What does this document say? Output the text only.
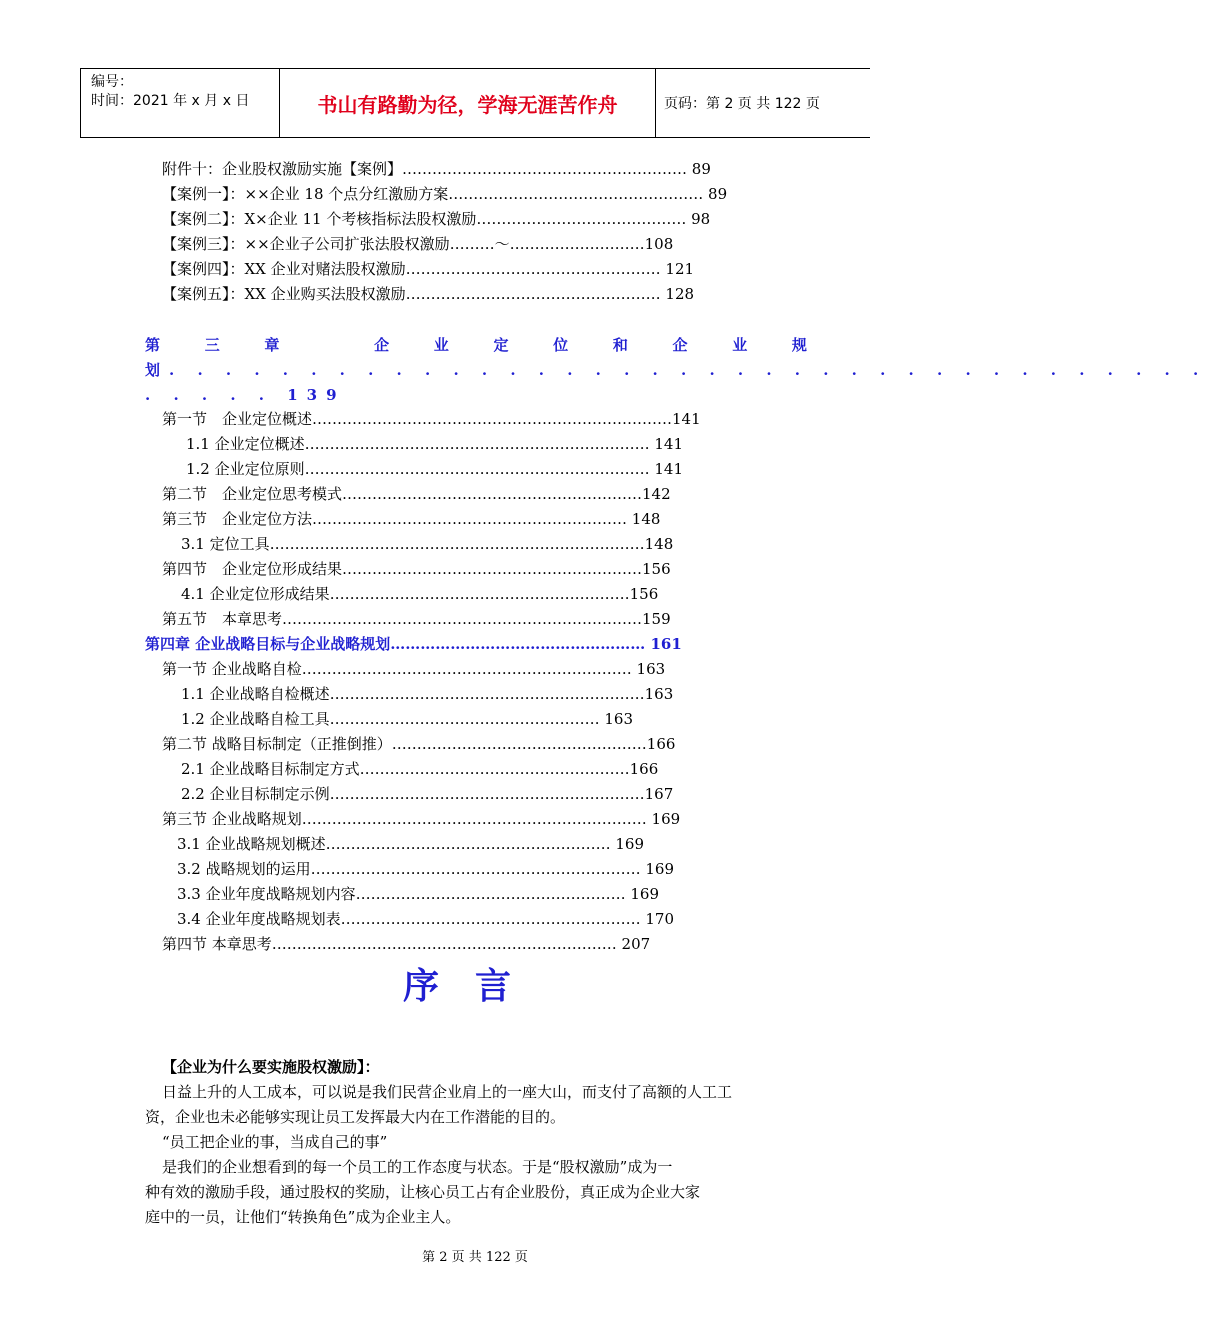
编号：
时间：2021 年 x 月 x 日	书山有路勤为径，学海无涯苦作舟	页码：第 2 页 共 122 页
附件十：企业股权激励实施【案例】………………………………………………… 89
【案例一】：××企业 18 个点分红激励方案…………………………………………… 89
【案例二】：X×企业 11 个考核指标法股权激励…………………………………… 98
【案例三】：××企业子公司扩张法股权激励………～………………………108
【案例四】：XX 企业对赌法股权激励…………………………………………… 121
【案例五】：XX 企业购买法股权激励…………………………………………… 128
第	三	章	企	业	定	位	和	企	业	规
划. . . . . . . . . . . . . . . . . . . . . . . . . . . . . . . . . . . . .
. . . . . 139
第一节　企业定位概述………………………………………………………………141
1.1 企业定位概述…………………………………………………………… 141
1.2 企业定位原则…………………………………………………………… 141
第二节　企业定位思考模式……………………………………………………142
第三节　企业定位方法……………………………………………………… 148
3.1 定位工具…………………………………………………………………148
第四节　企业定位形成结果……………………………………………………156
4.1 企业定位形成结果……………………………………………………156
第五节　本章思考………………………………………………………………159
第四章 企业战略目标与企业战略规划…………………………………………… 161
第一节 企业战略自检………………………………………………………… 163
1.1 企业战略自检概述………………………………………………………163
1.2 企业战略自检工具……………………………………………… 163
第二节 战略目标制定（正推倒推）……………………………………………166
2.1 企业战略目标制定方式………………………………………………166
2.2 企业目标制定示例………………………………………………………167
第三节 企业战略规划…………………………………………………………… 169
3.1 企业战略规划概述………………………………………………… 169
3.2 战略规划的运用………………………………………………………… 169
3.3 企业年度战略规划内容……………………………………………… 169
3.4 企业年度战略规划表…………………………………………………… 170
第四节 本章思考…………………………………………………………… 207
序言
【企业为什么要实施股权激励】：
日益上升的人工成本，可以说是我们民营企业肩上的一座大山，而支付了高额的人工工
资，企业也未必能够实现让员工发挥最大内在工作潜能的目的。
“员工把企业的事，当成自己的事”
是我们的企业想看到的每一个员工的工作态度与状态。于是“股权激励”成为一
种有效的激励手段，通过股权的奖励，让核心员工占有企业股份，真正成为企业大家
庭中的一员，让他们“转换角色”成为企业主人。
第 2 页 共 122 页
